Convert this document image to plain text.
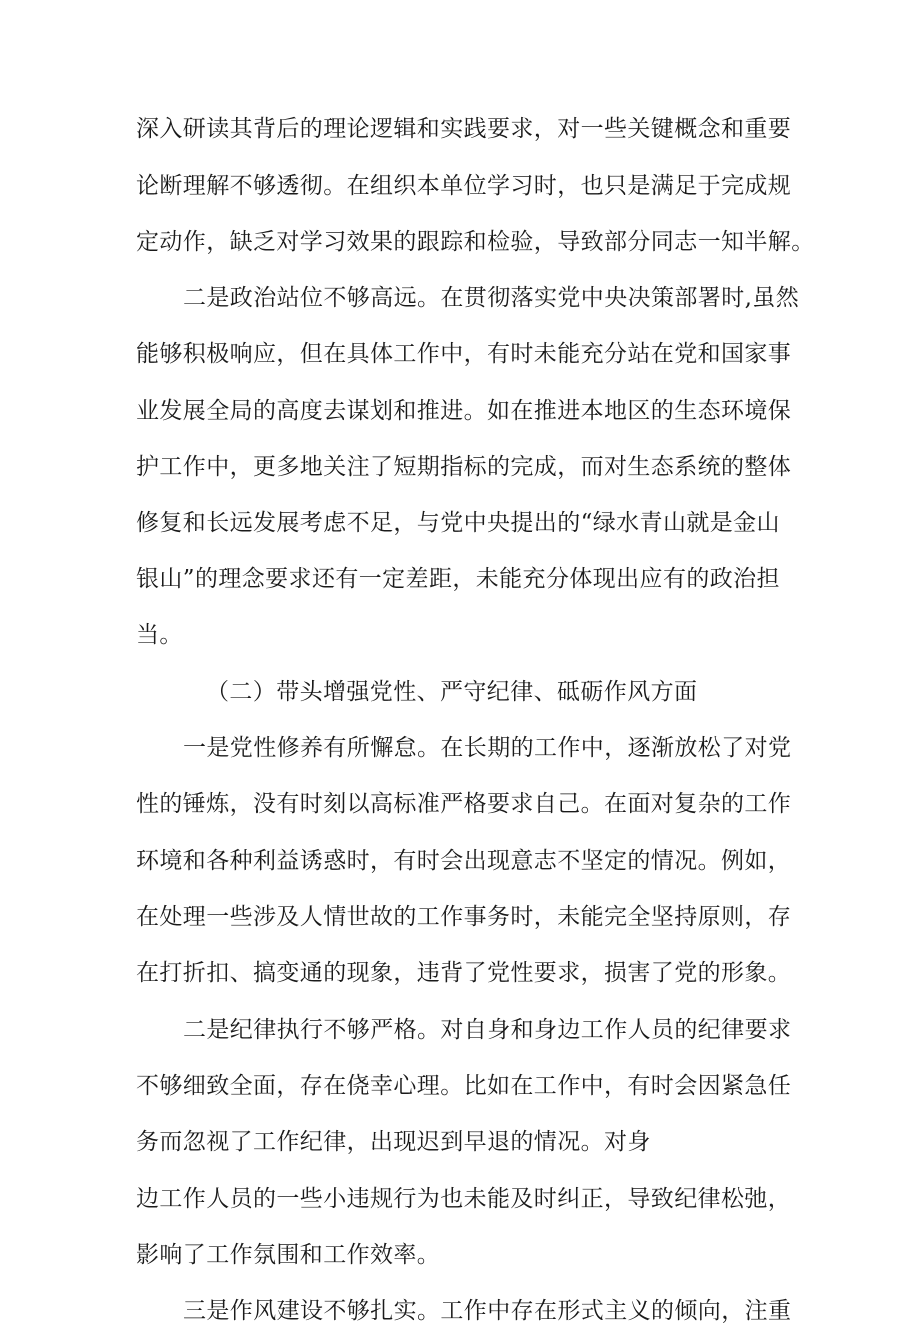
深入研读其背后的理论逻辑和实践要求，对一些关键概念和重要
论断理解不够透彻。在组织本单位学习时，也只是满足于完成规
定动作，缺乏对学习效果的跟踪和检验，导致部分同志一知半解。
二是政治站位不够高远。在贯彻落实党中央决策部署时,虽然
能够积极响应，但在具体工作中，有时未能充分站在党和国家事
业发展全局的高度去谋划和推进。如在推进本地区的生态环境保
护工作中，更多地关注了短期指标的完成，而对生态系统的整体
修复和长远发展考虑不足，与党中央提出的“绿水青山就是金山
银山”的理念要求还有一定差距，未能充分体现出应有的政治担
当。
（二）带头增强党性、严守纪律、砥砺作风方面
一是党性修养有所懈怠。在长期的工作中，逐渐放松了对党
性的锤炼，没有时刻以高标准严格要求自己。在面对复杂的工作
环境和各种利益诱惑时，有时会出现意志不坚定的情况。例如，
在处理一些涉及人情世故的工作事务时，未能完全坚持原则，存
在打折扣、搞变通的现象，违背了党性要求，损害了党的形象。
二是纪律执行不够严格。对自身和身边工作人员的纪律要求
不够细致全面，存在侥幸心理。比如在工作中，有时会因紧急任
务而忽视了工作纪律，出现迟到早退的情况。对身
边工作人员的一些小违规行为也未能及时纠正，导致纪律松弛，
影响了工作氛围和工作效率。
三是作风建设不够扎实。工作中存在形式主义的倾向，注重
